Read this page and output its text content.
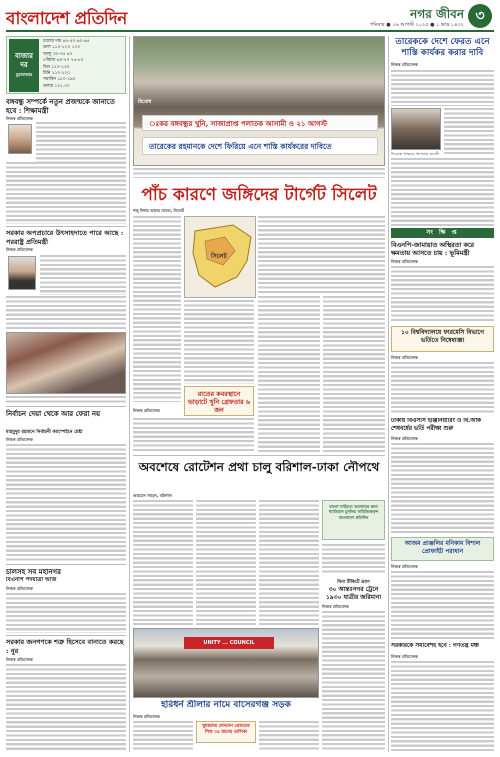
বাংলাদেশ প্রতিদিন	নগর জীবন ৩
শনিবার ● ১৬ আগস্ট ২০২৫ ● ১ ভাদ্র ১৪৩২
বাজার
দর
মুদ্রাবাজার
চালের দাম ৪৫-৫০ ৬০-৬৫
ডাল ১১০-১২০ ১২০
আলু ৩০-৩৫ ৪০
পেঁয়াজ ৬০-৭০ ৭৫-৮০
ডিম ১২০-১৩০
চিনি ১১০-১২০
সয়াবিন ১৮০-১৯০
ডলার ১২২.০০
বঙ্গবন্ধু সম্পর্কে নতুন প্রজন্মকে জানাতে হবে : শিক্ষামন্ত্রী
নিজস্ব প্রতিবেদক
সরকার অপপ্রচারে উৎসাহদাতে পারে আছে : পররাষ্ট্র প্রতিমন্ত্রী
নিজস্ব প্রতিবেদক
নির্বাচন দেয়া থেকে আর ফেরা নয়
মাহমুদুর রহমানে নির্বাচনী ক্যাম্পেইনে চেষ্টা
নিজস্ব প্রতিবেদক
চালসহ সব মহানগর
বিএনপি পদযাত্রা আজ
নিজস্ব প্রতিবেদক
সরকার জনগণকে শত্রু হিসেবে বানাতে করছে : নুর
নিজস্ব প্রতিবেদক
ঃকর বঙ্গবন্ধুর খুনি, সাজাপ্রাপ্ত পলাতক আসামী ও ২১ আগস্ট
তারেকের রহমানকে দেশে ফিরিয়ে এনে শাস্তি কার্যকরের দাবিতে
রিরোধ
পাঁচ কারণে জঙ্গিদের টার্গেট সিলেট
শাহ্ দিদার আলম নবেল, সিলেট
সিলেট
রাতের কবরস্থানে ভাড়াটে খুনি গ্রেফতার ৬ জন
নিজস্ব প্রতিবেদক
অবশেষে রোটেশন প্রথা চালু বরিশাল-ঢাকা নৌপথে
আহমেদ সাহেদ, বরিশাল
বাংলা সাহিত্যে অবদানের জন্য খ্যাতিমান মুসলিম সাহিত্যিকবৃন্দ বাংলাদেশ প্রতিদিন
বিনা টিকিটে ভ্রমণ
৩০ আন্তঃনগর ট্রেনে ১৯৩০ যাত্রীর জরিমানা
নিজস্ব প্রতিবেদক
UNITY ... COUNCIL
হরিধর্ন শ্রীলার নামে বাসেরগঞ্জ সড়ক
নিজস্ব প্রতিবেদক
ঘুমন্তদের লেনদেন গ্রেফতার শিশু ৩৫ জনের তালিকা
তারেককে দেশে ফেরত এনে শাস্তি কার্যকর করার দাবি
নিজস্ব প্রতিবেদক
ফিরোজ আহমেদ আসলাম শুনানী
সং ক্ষি প্ত
বিএনপি-জামায়াত অস্থিরতা করে ক্ষমতায় আসতে চায় : ভূমিমন্ত্রী
নিজস্ব প্রতিবেদক
১০ বিশ্ববিদ্যালয়ে ফারমেসি বিভাগে ভর্তিতে নিষেধাজ্ঞা
নিজস্ব প্রতিবেদক
ঢাকায় বিএসসি ইঞ্জিনিয়ারিং ও বি.আর্ক শেষবর্ষের ভর্তি পরীক্ষা শুরু
নিজস্ব প্রতিবেদক
আজম প্রাঞ্জলির মনিকাম বিশাল প্রোফাইট পরাধান
নিজস্ব প্রতিবেদক
সরকারকে সমাবেশই হবে : গণতন্ত্র মঞ্চ
নিজস্ব প্রতিবেদক
